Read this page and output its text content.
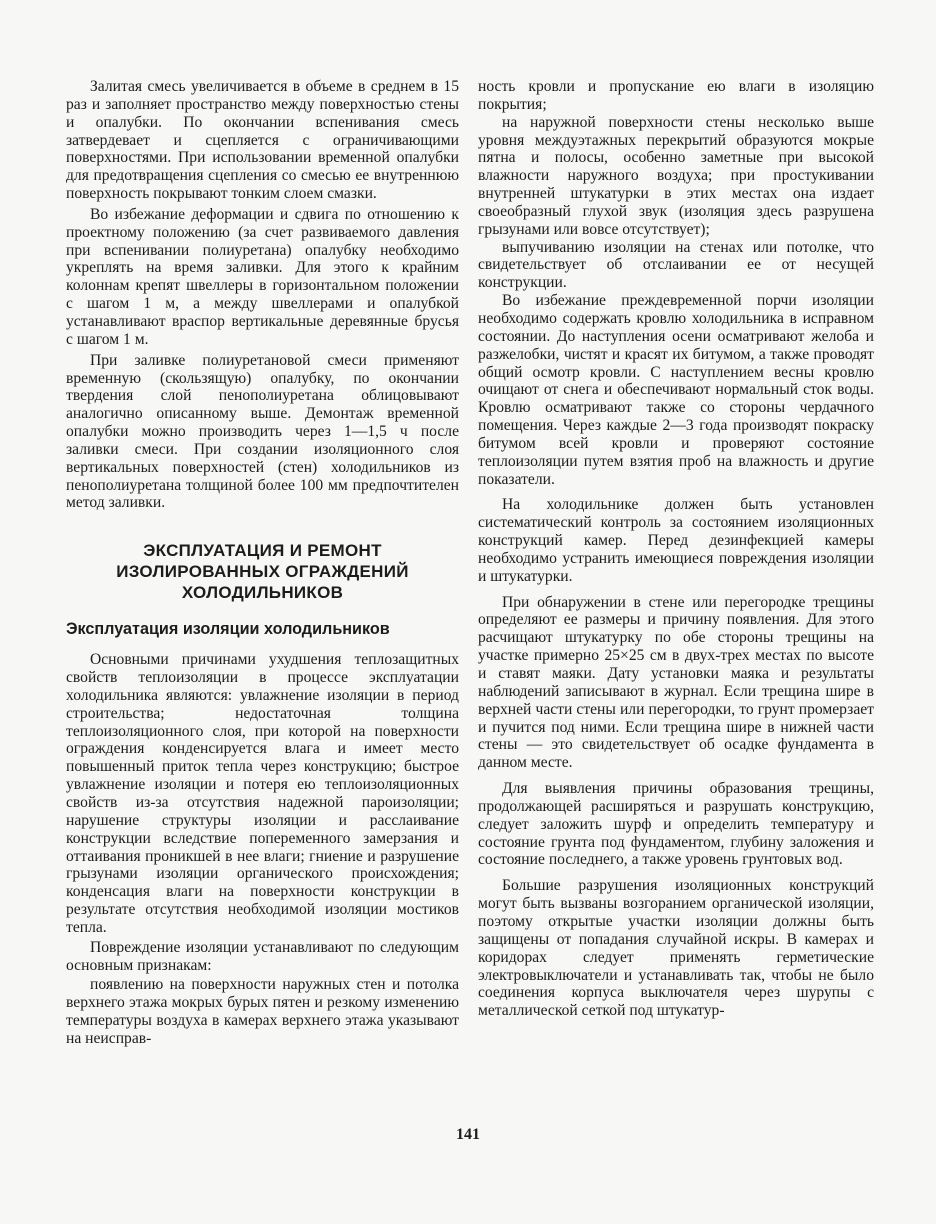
Залитая смесь увеличивается в объеме в среднем в 15 раз и заполняет пространство между поверхностью стены и опалубки. По окончании вспенивания смесь затвердевает и сцепляется с ограничивающими поверхностями. При использовании временной опалубки для предотвращения сцепления со смесью ее внутреннюю поверхность покрывают тонким слоем смазки.

Во избежание деформации и сдвига по отношению к проектному положению (за счет развиваемого давления при вспенивании полиуретана) опалубку необходимо укреплять на время заливки. Для этого к крайним колоннам крепят швеллеры в горизонтальном положении с шагом 1 м, а между швеллерами и опалубкой устанавливают враспор вертикальные деревянные брусья с шагом 1 м.

При заливке полиуретановой смеси применяют временную (скользящую) опалубку, по окончании твердения слой пенополиуретана облицовывают аналогично описанному выше. Демонтаж временной опалубки можно производить через 1—1,5 ч после заливки смеси. При создании изоляционного слоя вертикальных поверхностей (стен) холодильников из пенополиуретана толщиной более 100 мм предпочтителен метод заливки.

ЭКСПЛУАТАЦИЯ И РЕМОНТ ИЗОЛИРОВАННЫХ ОГРАЖДЕНИЙ ХОЛОДИЛЬНИКОВ
Эксплуатация изоляции холодильников

Основными причинами ухудшения теплозащитных свойств теплоизоляции в процессе эксплуатации холодильника являются: увлажнение изоляции в период строительства; недостаточная толщина теплоизоляционного слоя, при которой на поверхности ограждения конденсируется влага и имеет место повышенный приток тепла через конструкцию; быстрое увлажнение изоляции и потеря ею теплоизоляционных свойств из-за отсутствия надежной пароизоляции; нарушение структуры изоляции и расслаивание конструкции вследствие попеременного замерзания и оттаивания проникшей в нее влаги; гниение и разрушение грызунами изоляции органического происхождения; конденсация влаги на поверхности конструкции в результате отсутствия необходимой изоляции мостиков тепла.

Повреждение изоляции устанавливают по следующим основным признакам:

появлению на поверхности наружных стен и потолка верхнего этажа мокрых бурых пятен и резкому изменению температуры воздуха в камерах верхнего этажа указывают на неисправ-

ность кровли и пропускание ею влаги в изоляцию покрытия;

на наружной поверхности стены несколько выше уровня междуэтажных перекрытий образуются мокрые пятна и полосы, особенно заметные при высокой влажности наружного воздуха; при простукивании внутренней штукатурки в этих местах она издает своеобразный глухой звук (изоляция здесь разрушена грызунами или вовсе отсутствует);

выпучиванию изоляции на стенах или потолке, что свидетельствует об отслаивании ее от несущей конструкции.

Во избежание преждевременной порчи изоляции необходимо содержать кровлю холодильника в исправном состоянии. До наступления осени осматривают желоба и разжелобки, чистят и красят их битумом, а также проводят общий осмотр кровли. С наступлением весны кровлю очищают от снега и обеспечивают нормальный сток воды. Кровлю осматривают также со стороны чердачного помещения. Через каждые 2—3 года производят покраску битумом всей кровли и проверяют состояние теплоизоляции путем взятия проб на влажность и другие показатели.

На холодильнике должен быть установлен систематический контроль за состоянием изоляционных конструкций камер. Перед дезинфекцией камеры необходимо устранить имеющиеся повреждения изоляции и штукатурки.

При обнаружении в стене или перегородке трещины определяют ее размеры и причину появления. Для этого расчищают штукатурку по обе стороны трещины на участке примерно 25×25 см в двух-трех местах по высоте и ставят маяки. Дату установки маяка и результаты наблюдений записывают в журнал. Если трещина шире в верхней части стены или перегородки, то грунт промерзает и пучится под ними. Если трещина шире в нижней части стены — это свидетельствует об осадке фундамента в данном месте.

Для выявления причины образования трещины, продолжающей расширяться и разрушать конструкцию, следует заложить шурф и определить температуру и состояние грунта под фундаментом, глубину заложения и состояние последнего, а также уровень грунтовых вод.

Большие разрушения изоляционных конструкций могут быть вызваны возгоранием органической изоляции, поэтому открытые участки изоляции должны быть защищены от попадания случайной искры. В камерах и коридорах следует применять герметические электровыключатели и устанавливать так, чтобы не было соединения корпуса выключателя через шурупы с металлической сеткой под штукатур-

141
